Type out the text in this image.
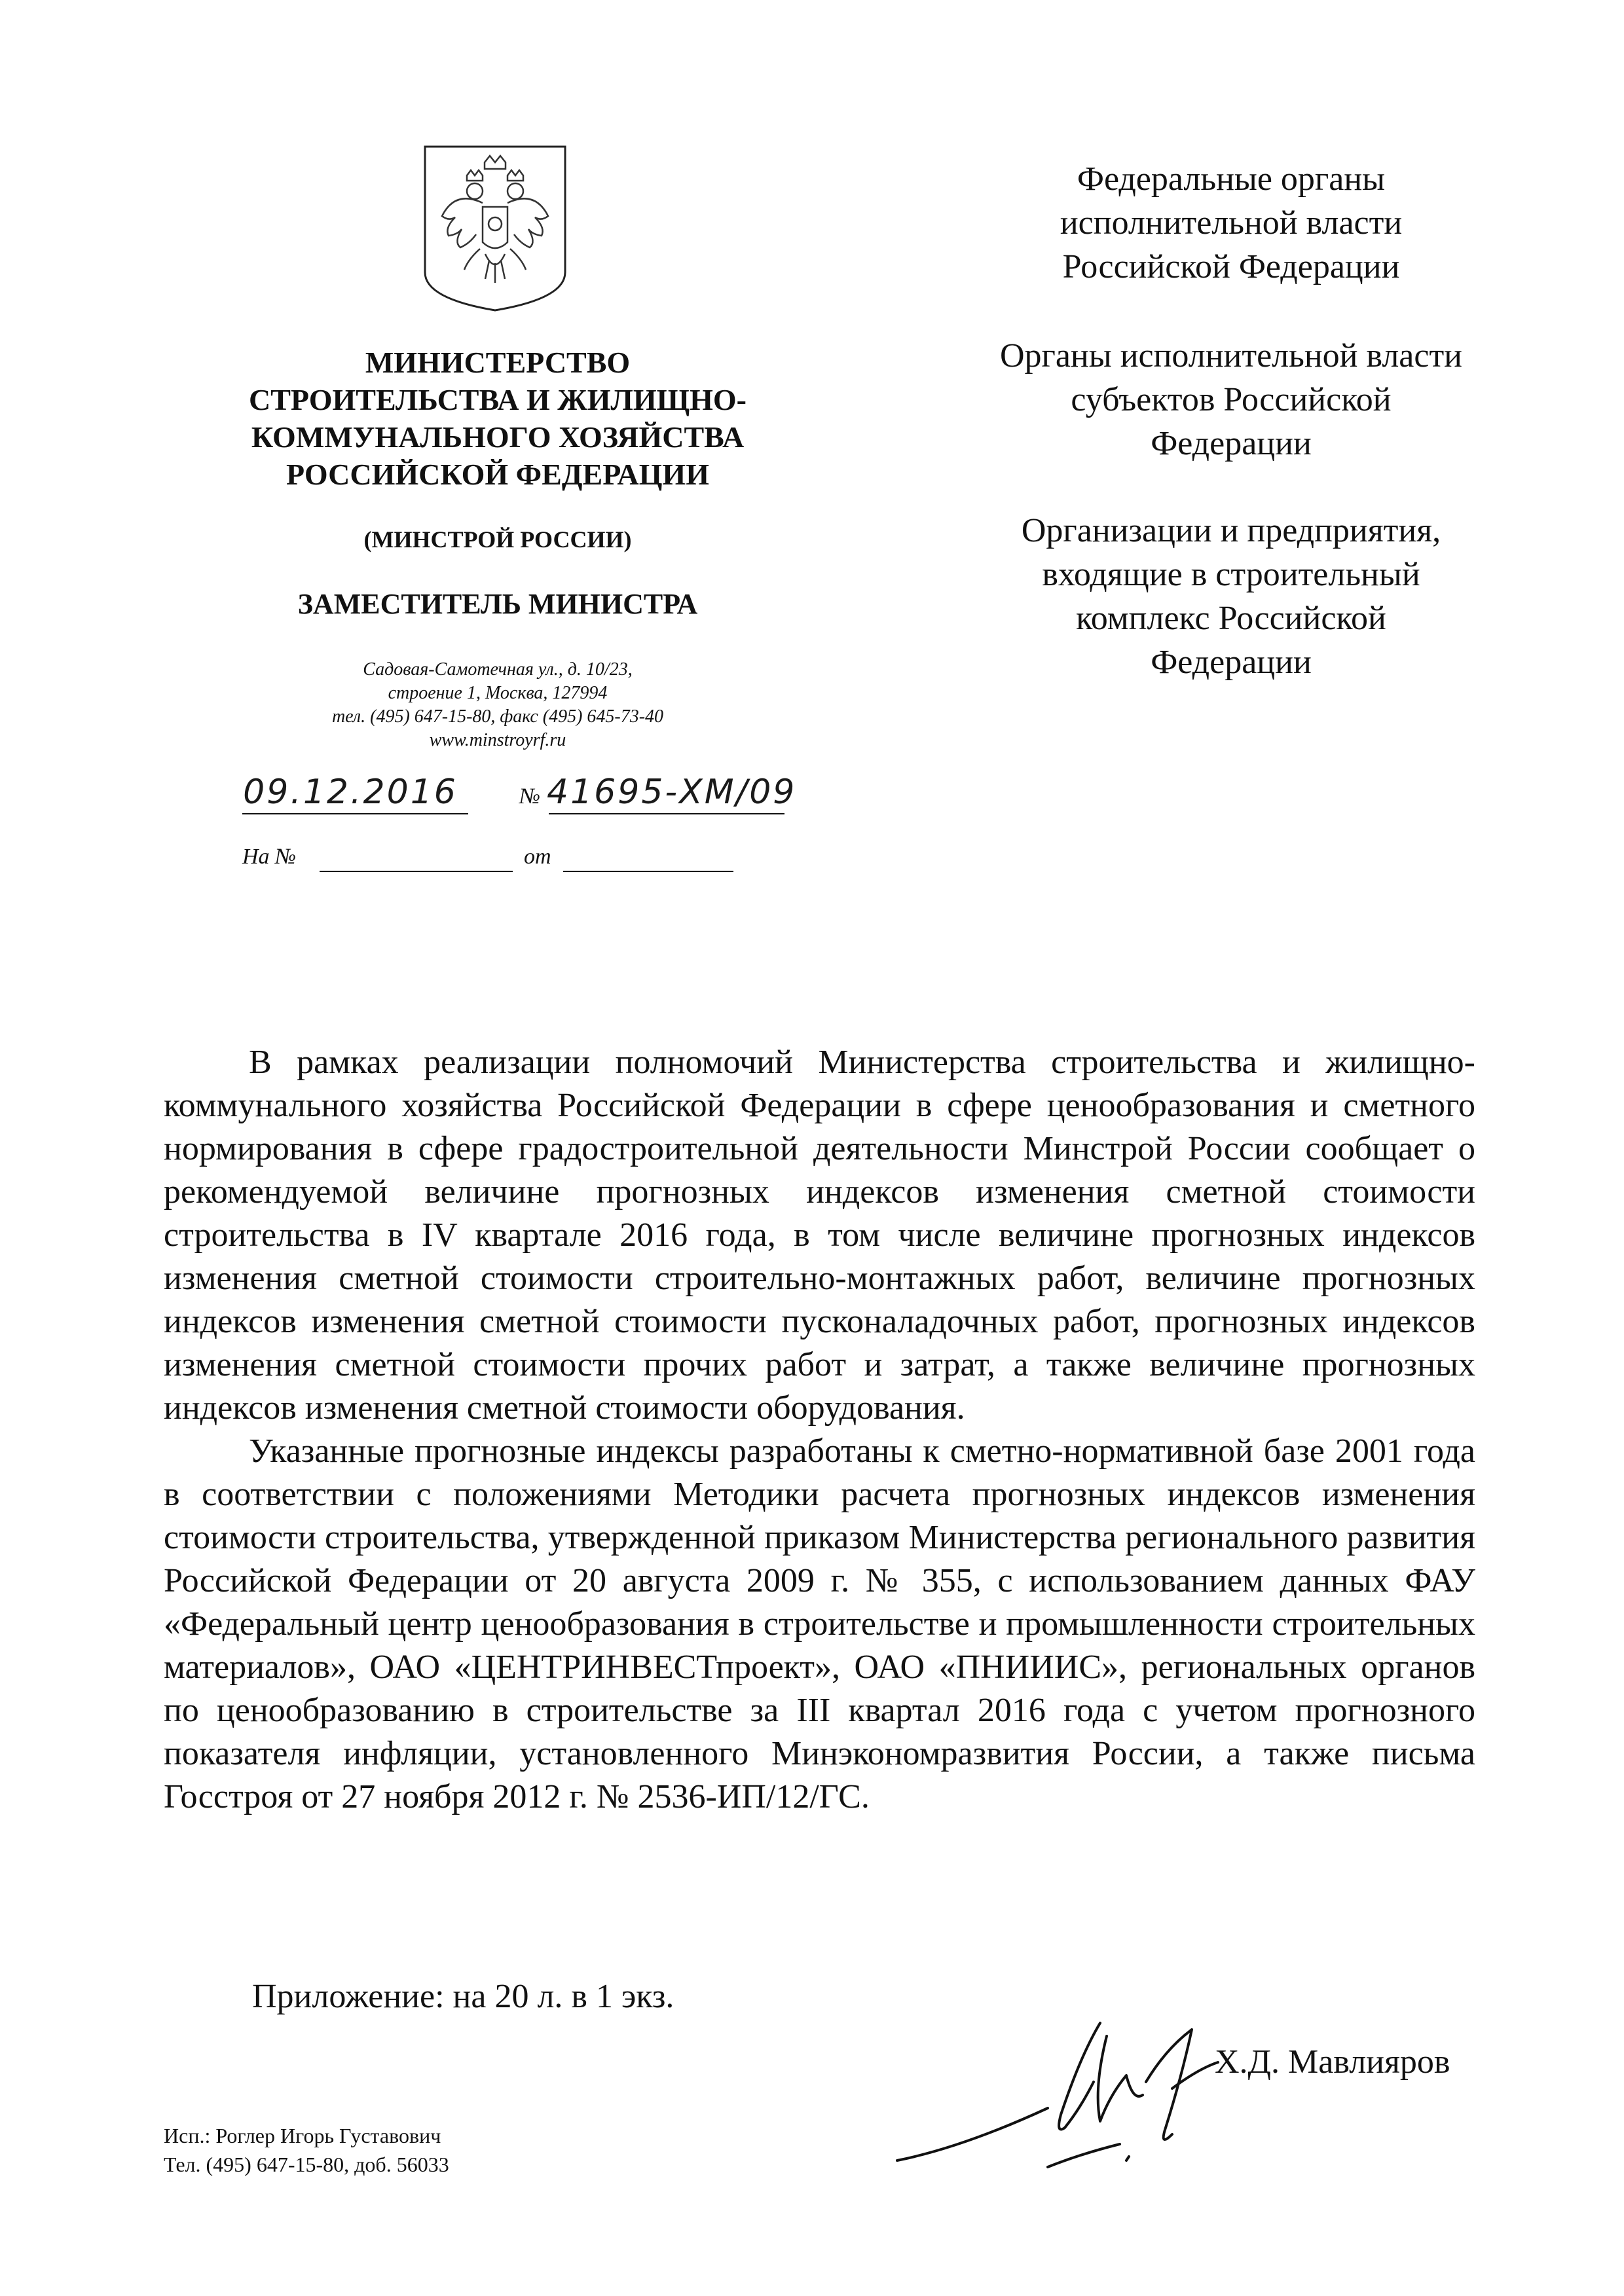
МИНИСТЕРСТВО
СТРОИТЕЛЬСТВА И ЖИЛИЩНО-
КОММУНАЛЬНОГО ХОЗЯЙСТВА
РОССИЙСКОЙ ФЕДЕРАЦИИ
(МИНСТРОЙ РОССИИ)
ЗАМЕСТИТЕЛЬ МИНИСТРА
Садовая-Самотечная ул., д. 10/23,
строение 1, Москва, 127994
тел. (495) 647-15-80, факс (495) 645-73-40
www.minstroyrf.ru
09.12.2016	№ 41695-ХМ/09
На №	от
Федеральные органы
исполнительной власти
Российской Федерации
Органы исполнительной власти
субъектов Российской
Федерации
Организации и предприятия,
входящие в строительный
комплекс Российской
Федерации

В рамках реализации полномочий Министерства строительства и жилищно-коммунального хозяйства Российской Федерации в сфере ценообразования и сметного нормирования в сфере градостроительной деятельности Минстрой России сообщает о рекомендуемой величине прогнозных индексов изменения сметной стоимости строительства в IV квартале 2016 года, в том числе величине прогнозных индексов изменения сметной стоимости строительно-монтажных работ, величине прогнозных индексов изменения сметной стоимости пусконаладочных работ, прогнозных индексов изменения сметной стоимости прочих работ и затрат, а также величине прогнозных индексов изменения сметной стоимости оборудования.

Указанные прогнозные индексы разработаны к сметно-нормативной базе 2001 года в соответствии с положениями Методики расчета прогнозных индексов изменения стоимости строительства, утвержденной приказом Министерства регионального развития Российской Федерации от 20 августа 2009 г. № 355, с использованием данных ФАУ «Федеральный центр ценообразования в строительстве и промышленности строительных материалов», ОАО «ЦЕНТРИНВЕСТпроект», ОАО «ПНИИИС», региональных органов по ценообразованию в строительстве за III квартал 2016 года с учетом прогнозного показателя инфляции, установленного Минэкономразвития России, а также письма Госстроя от 27 ноября 2012 г. № 2536-ИП/12/ГС.

Приложение: на 20 л. в 1 экз.
Х.Д. Мавлияров
Исп.: Роглер Игорь Густавович
Тел. (495) 647-15-80, доб. 56033
